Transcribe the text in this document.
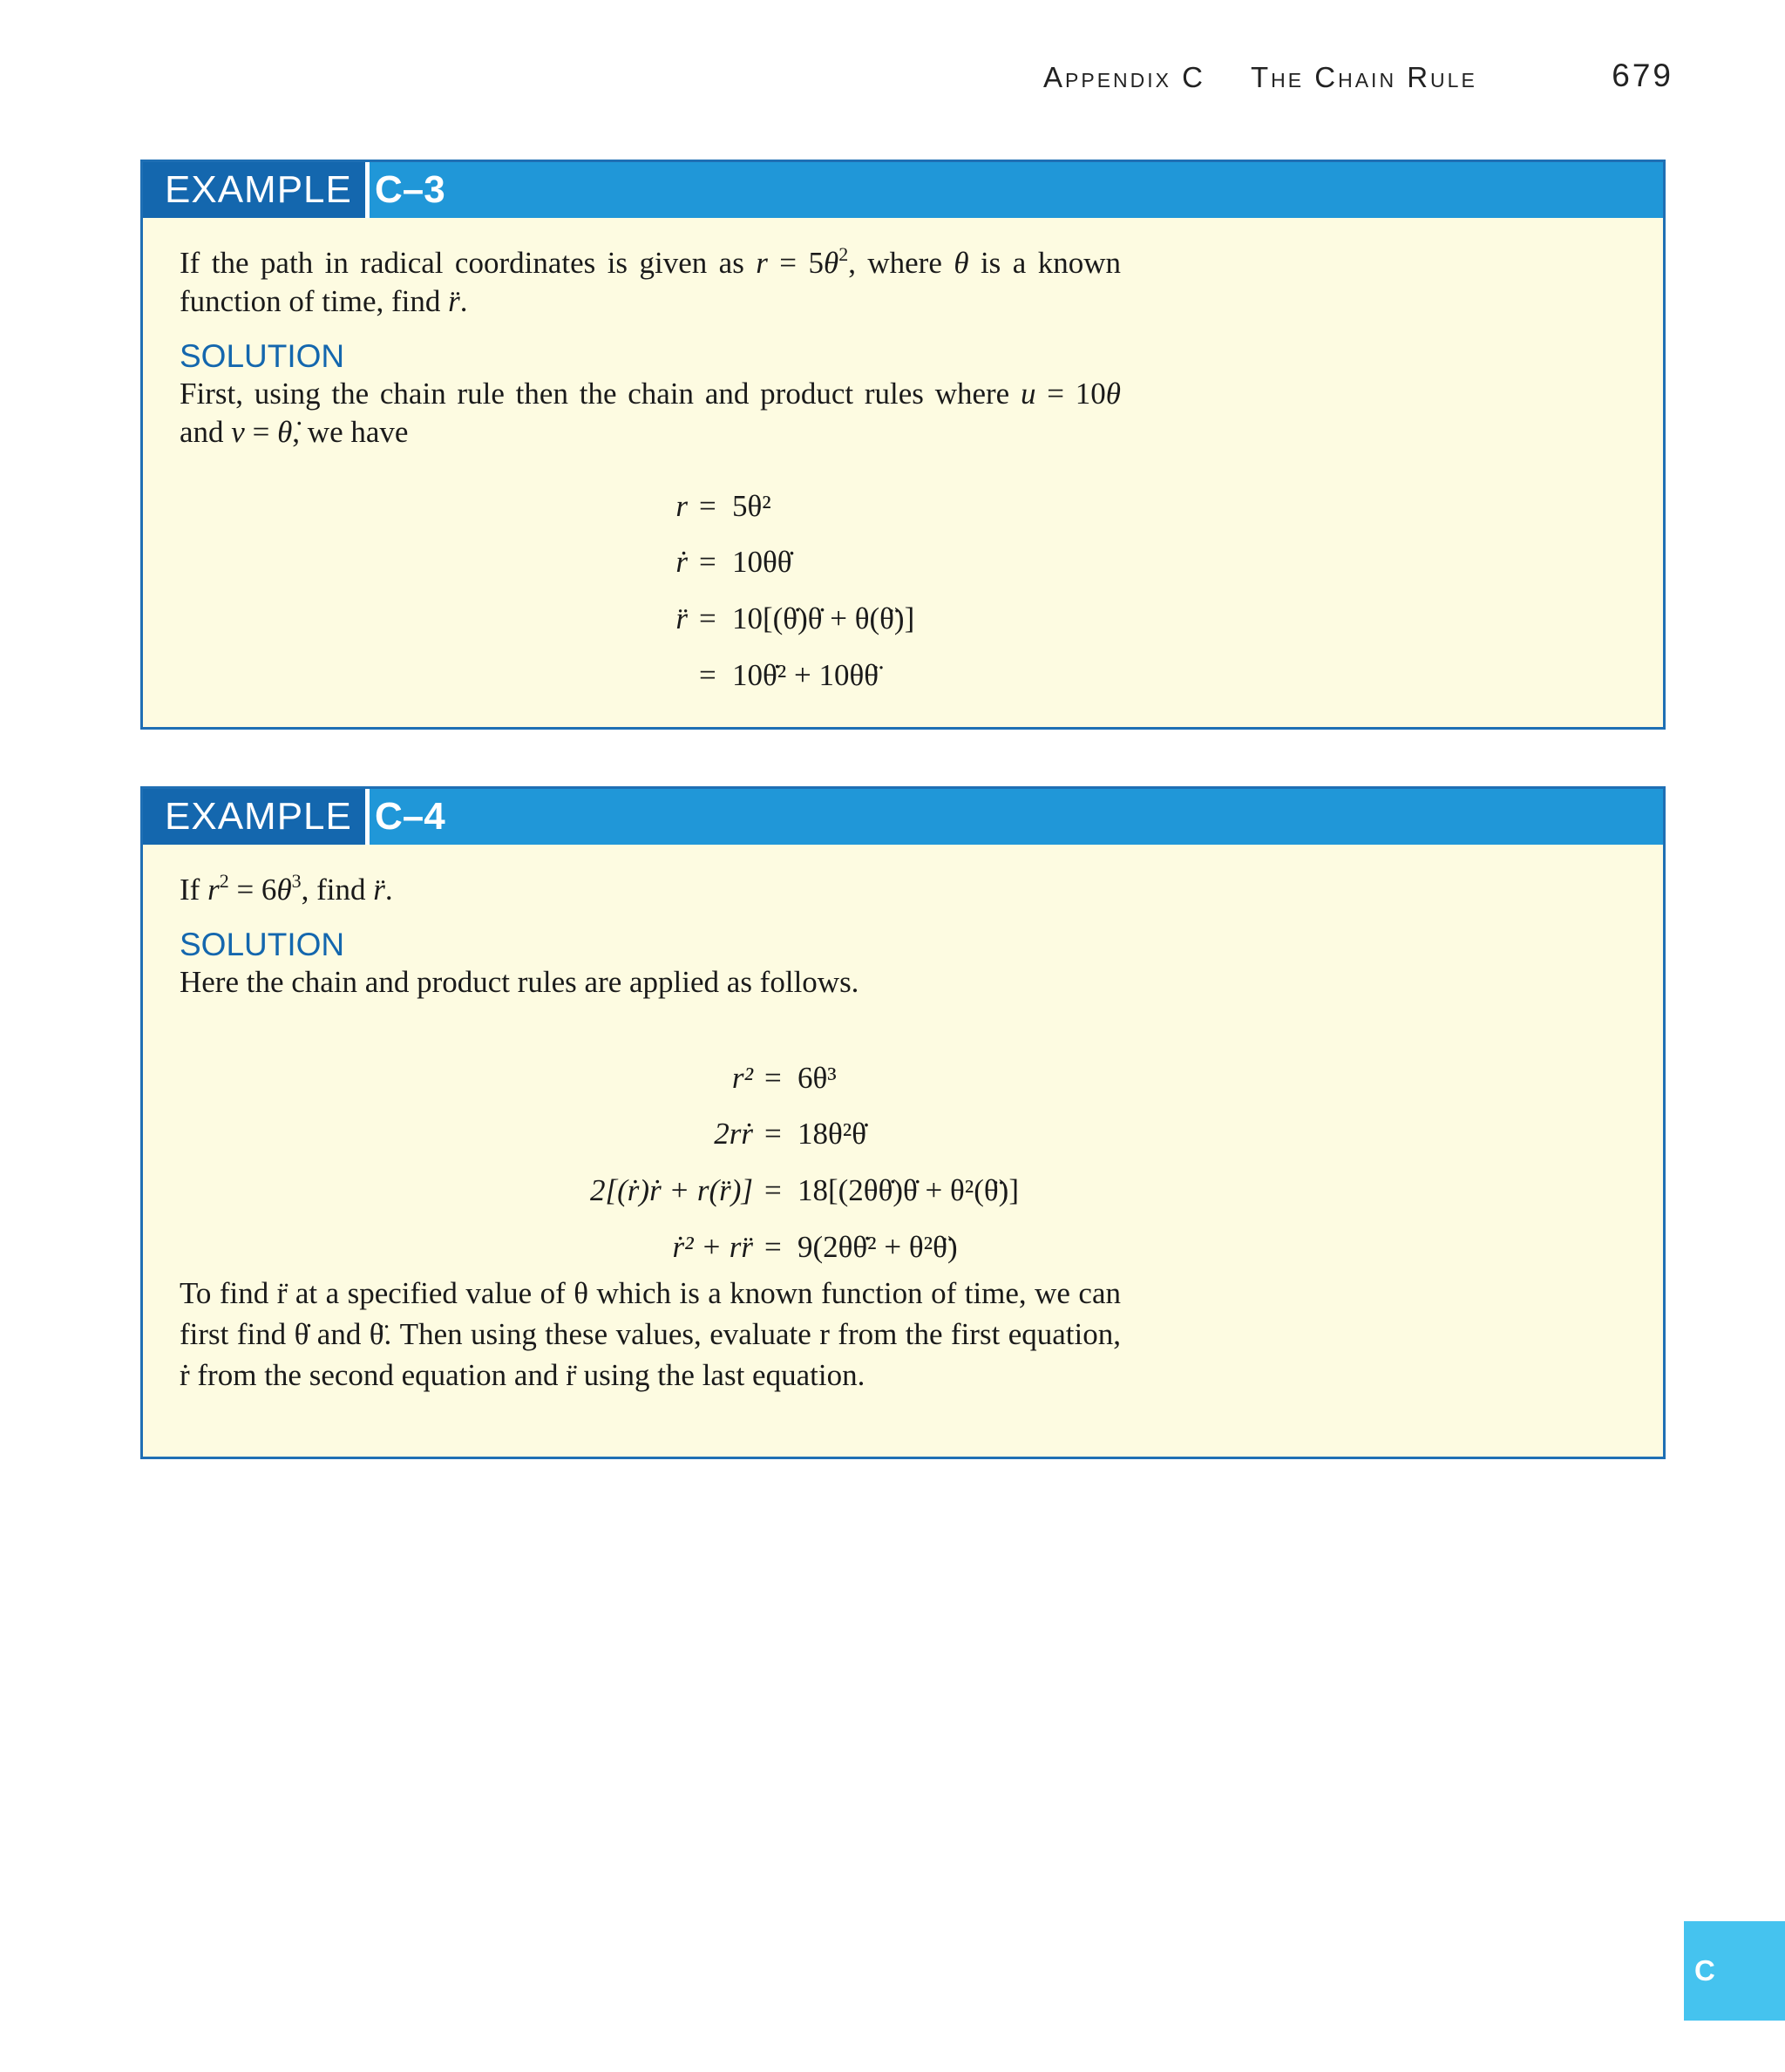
Appendix C The Chain Rule	679
EXAMPLE C–3

If the path in radical coordinates is given as $r = 5\theta^2$, where θ is a known function of time, find r̈.

SOLUTION

First, using the chain rule then the chain and product rules where u = 10θ and v = θ̇, we have

r = 5θ²
ṙ = 10θθ̇
r̈ = 10[(θ̇)θ̇ + θ(θ̈)]
= 10θ̇² + 10θθ̈
EXAMPLE C–4

If $r^2 = 6\theta^3$, find r̈.

SOLUTION

Here the chain and product rules are applied as follows.

r² = 6θ³
2rṙ = 18θ²θ̇
2[(ṙ)ṙ + r(r̈)] = 18[(2θθ̇)θ̇ + θ²(θ̈)]
ṙ² + rr̈ = 9(2θθ̇² + θ²θ̈)

To find r̈ at a specified value of θ which is a known function of time, we can first find θ̇ and θ̈. Then using these values, evaluate r from the first equation, ṙ from the second equation and r̈ using the last equation.

C
